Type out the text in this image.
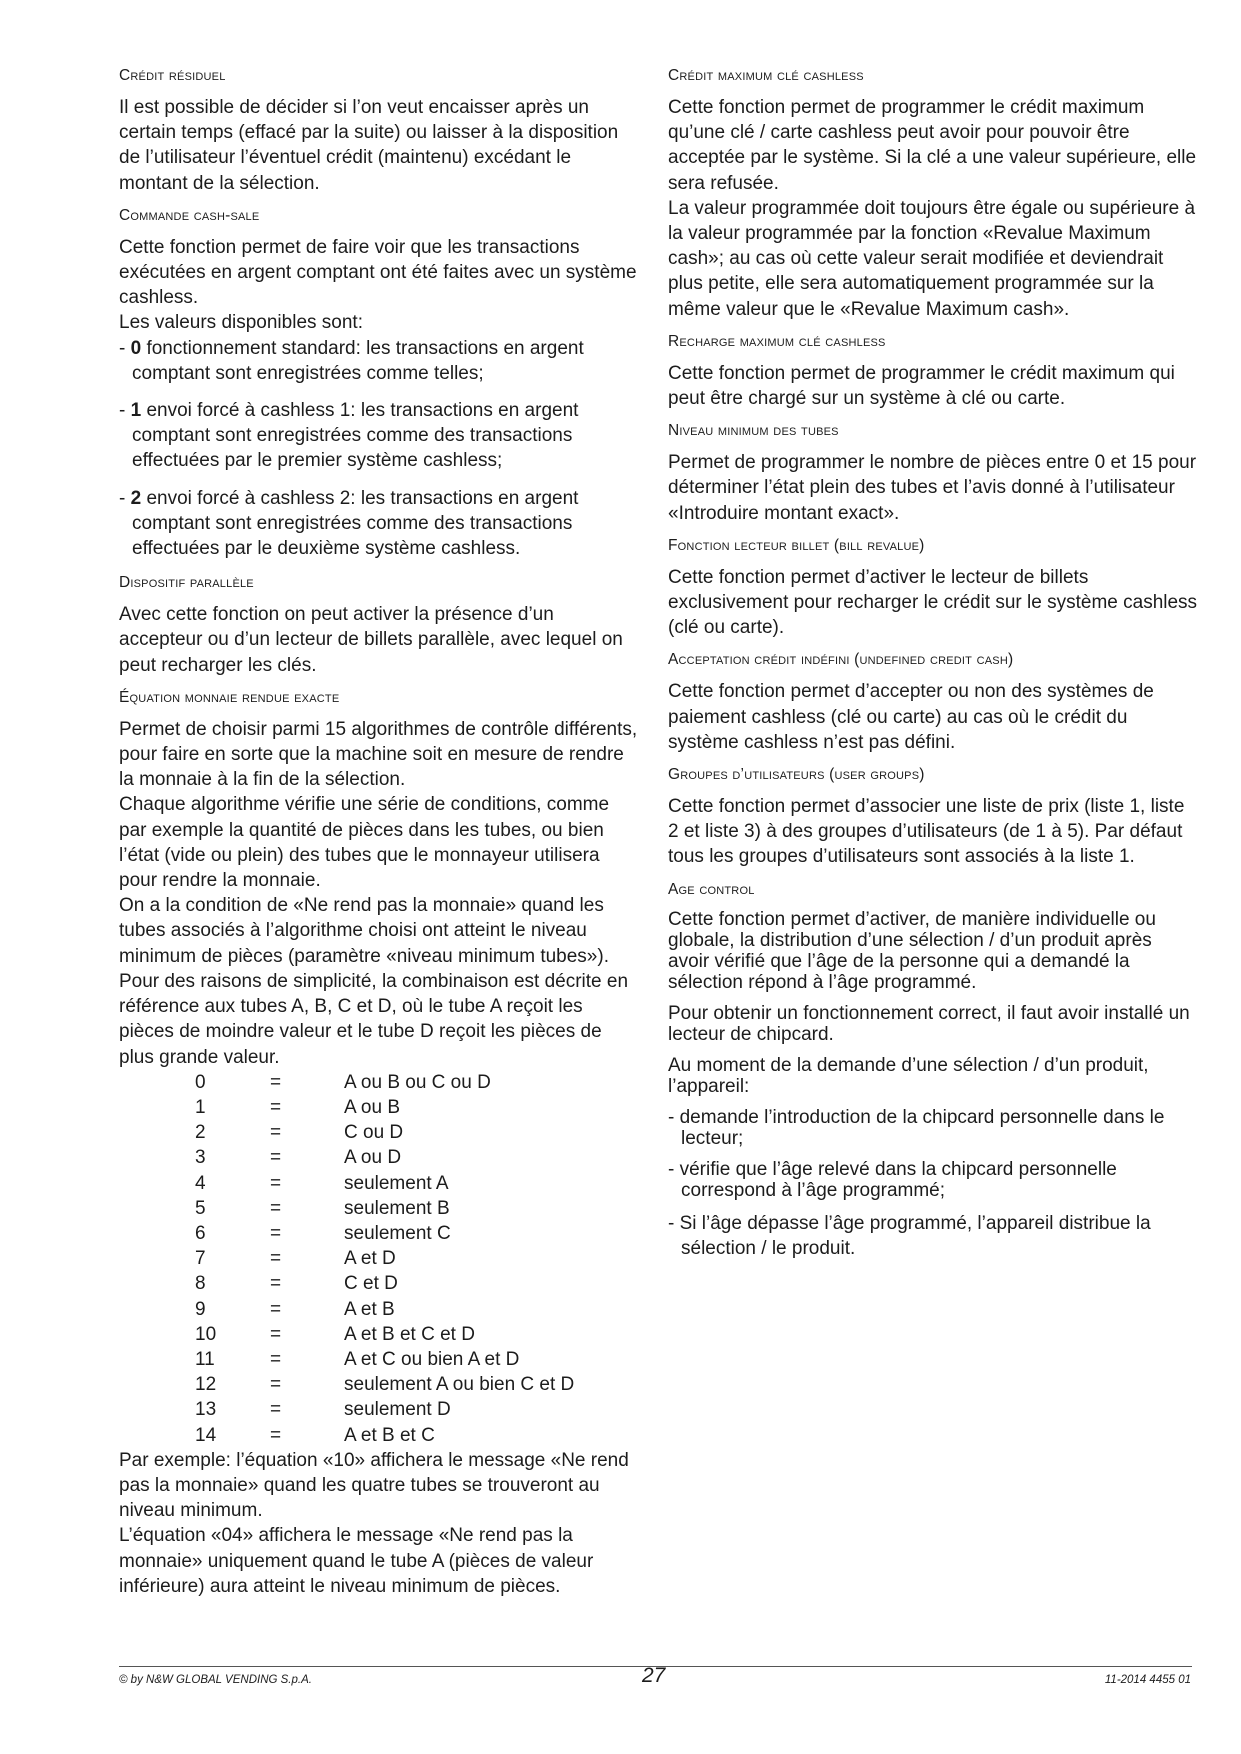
Crédit résiduel

Il est possible de décider si l’on veut encaisser après un certain temps (effacé par la suite) ou laisser à la disposition de l’utilisateur l’éventuel crédit (maintenu) excédant le montant de la sélection.

Commande cash-sale

Cette fonction permet de faire voir que les transactions exécutées en argent comptant ont été faites avec un système cashless.

Les valeurs disponibles sont:

- 0 fonctionnement standard: les transactions en argent comptant sont enregistrées comme telles;
- 1 envoi forcé à cashless 1: les transactions en argent comptant sont enregistrées comme des transactions effectuées par le premier système cashless;
- 2 envoi forcé à cashless 2: les transactions en argent comptant sont enregistrées comme des transactions effectuées par le deuxième système cashless.
Dispositif parallèle

Avec cette fonction on peut activer la présence d’un accepteur ou d’un lecteur de billets parallèle, avec lequel on peut recharger les clés.

Équation monnaie rendue exacte

Permet de choisir parmi 15 algorithmes de contrôle différents, pour faire en sorte que la machine soit en mesure de rendre la monnaie à la fin de la sélection.

Chaque algorithme vérifie une série de conditions, comme par exemple la quantité de pièces dans les tubes, ou bien l’état (vide ou plein) des tubes que le monnayeur utilisera pour rendre la monnaie.

On a la condition de «Ne rend pas la monnaie» quand les tubes associés à l’algorithme choisi ont atteint le niveau minimum de pièces (paramètre «niveau minimum tubes»).

Pour des raisons de simplicité, la combinaison est décrite en référence aux tubes A, B, C et D, où le tube A reçoit les pièces de moindre valeur et le tube D reçoit les pièces de plus grande valeur.

0	=	A ou B ou C ou D
1	=	A ou B
2	=	C ou D
3	=	A ou D
4	=	seulement A
5	=	seulement B
6	=	seulement C
7	=	A et D
8	=	C et D
9	=	A et B
10	=	A et B et C et D
11	=	A et C ou bien A et D
12	=	seulement A ou bien C et D
13	=	seulement D
14	=	A et B et C

Par exemple: l’équation «10» affichera le message «Ne rend pas la monnaie» quand les quatre tubes se trouveront au niveau minimum.

L’équation «04» affichera le message «Ne rend pas la monnaie» uniquement quand le tube A (pièces de valeur inférieure) aura atteint le niveau minimum de pièces.

Crédit maximum clé cashless

Cette fonction permet de programmer le crédit maximum qu’une clé / carte cashless peut avoir pour pouvoir être acceptée par le système. Si la clé a une valeur supérieure, elle sera refusée.

La valeur programmée doit toujours être égale ou supérieure à la valeur programmée par la fonction «Revalue Maximum cash»; au cas où cette valeur serait modifiée et deviendrait plus petite, elle sera automatiquement programmée sur la même valeur que le «Revalue Maximum cash».

Recharge maximum clé cashless

Cette fonction permet de programmer le crédit maximum qui peut être chargé sur un système à clé ou carte.

Niveau minimum des tubes

Permet de programmer le nombre de pièces entre 0 et 15 pour déterminer l’état plein des tubes et l’avis donné à l’utilisateur «Introduire montant exact».

Fonction lecteur billet (bill revalue)

Cette fonction permet d’activer le lecteur de billets exclusivement pour recharger le crédit sur le système cashless (clé ou carte).

Acceptation crédit indéfini (undefined credit cash)

Cette fonction permet d’accepter ou non des systèmes de paiement cashless (clé ou carte) au cas où le crédit du système cashless n’est pas défini.

Groupes d’utilisateurs (user groups)

Cette fonction permet d’associer une liste de prix (liste 1, liste 2 et liste 3) à des groupes d’utilisateurs (de 1 à 5). Par défaut tous les groupes d’utilisateurs sont associés à la liste 1.

Age control

Cette fonction permet d’activer, de manière individuelle ou globale, la distribution d’une sélection / d’un produit après avoir vérifié que l’âge de la personne qui a demandé la sélection répond à l’âge programmé.

Pour obtenir un fonctionnement correct, il faut avoir installé un lecteur de chipcard.

Au moment de la demande d’une sélection / d’un produit, l’appareil:

- demande l’introduction de la chipcard personnelle dans le lecteur;
- vérifie que l’âge relevé dans la chipcard personnelle correspond à l’âge programmé;
- Si l’âge dépasse l’âge programmé, l’appareil distribue la sélection / le produit.
© by N&W GLOBAL VENDING S.p.A.	27	11-2014 4455 01
